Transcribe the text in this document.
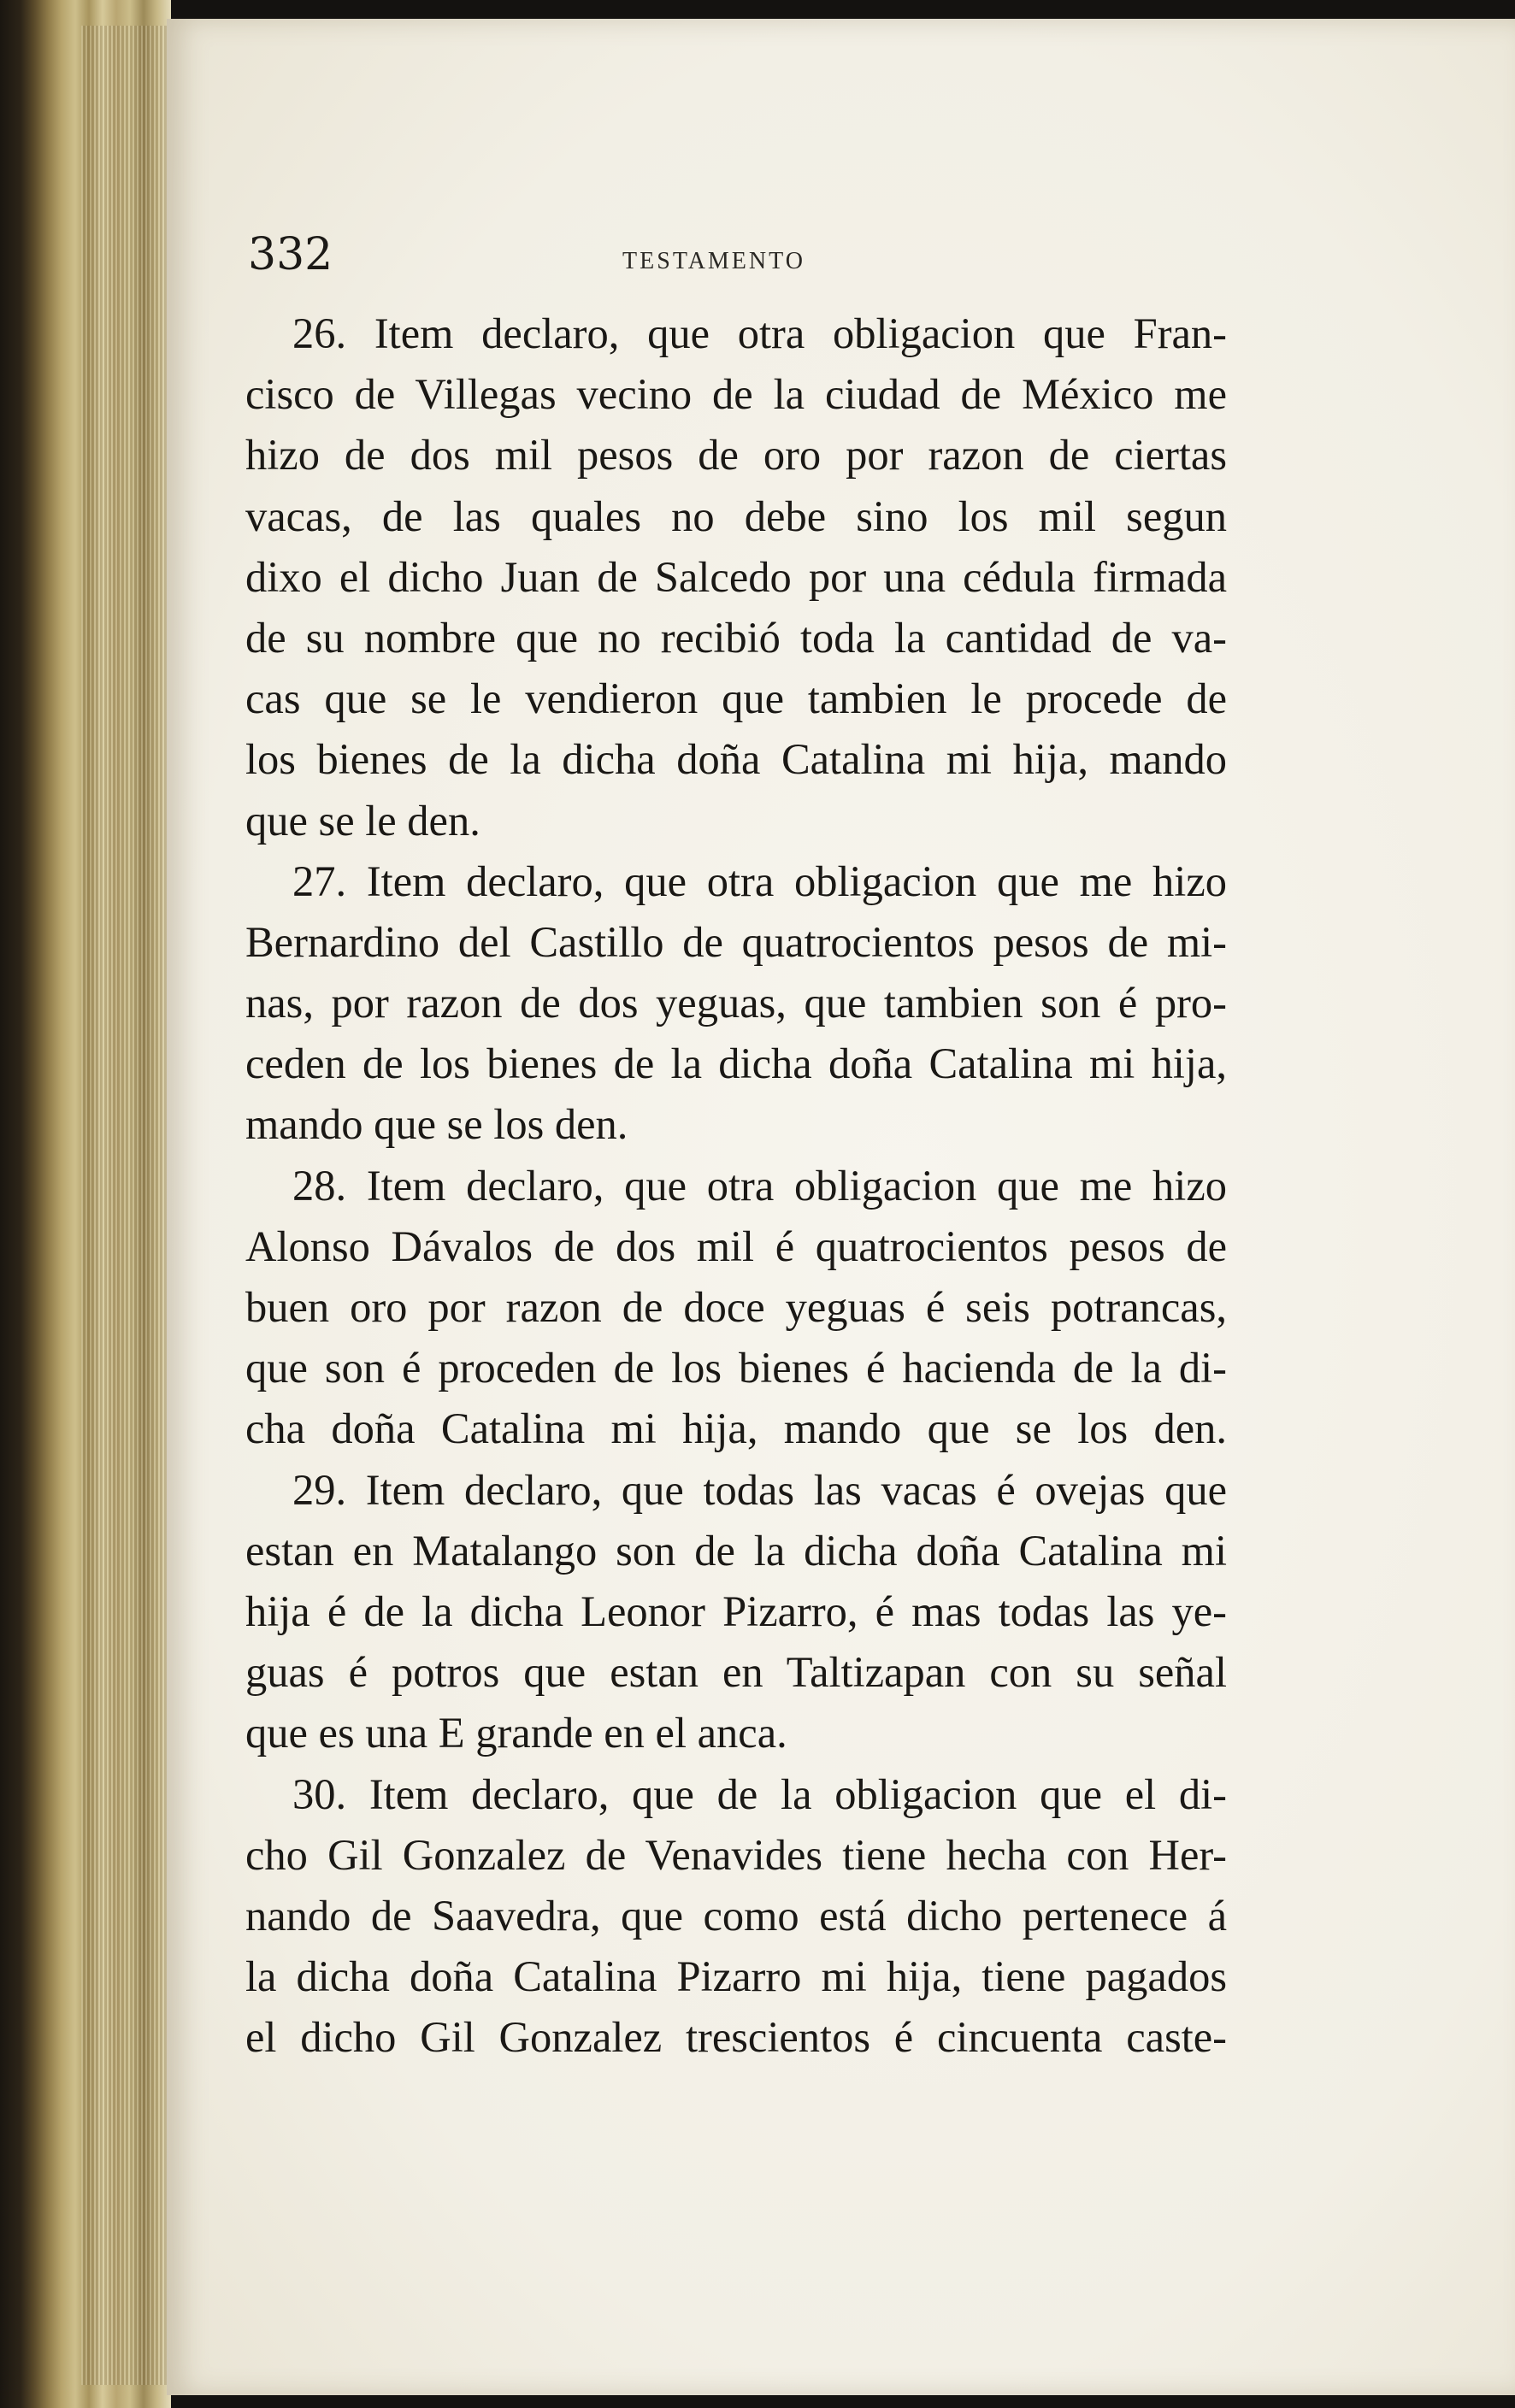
332	TESTAMENTO
26. Item declaro, que otra obligacion que Fran-
cisco de Villegas vecino de la ciudad de México me
hizo de dos mil pesos de oro por razon de ciertas
vacas, de las quales no debe sino los mil segun
dixo el dicho Juan de Salcedo por una cédula firmada
de su nombre que no recibió toda la cantidad de va-
cas que se le vendieron que tambien le procede de
los bienes de la dicha doña Catalina mi hija, mando
que se le den.
27. Item declaro, que otra obligacion que me hizo
Bernardino del Castillo de quatrocientos pesos de mi-
nas, por razon de dos yeguas, que tambien son é pro-
ceden de los bienes de la dicha doña Catalina mi hija,
mando que se los den.
28. Item declaro, que otra obligacion que me hizo
Alonso Dávalos de dos mil é quatrocientos pesos de
buen oro por razon de doce yeguas é seis potrancas,
que son é proceden de los bienes é hacienda de la di-
cha doña Catalina mi hija, mando que se los den.
29. Item declaro, que todas las vacas é ovejas que
estan en Matalango son de la dicha doña Catalina mi
hija é de la dicha Leonor Pizarro, é mas todas las ye-
guas é potros que estan en Taltizapan con su señal
que es una E grande en el anca.
30. Item declaro, que de la obligacion que el di-
cho Gil Gonzalez de Venavides tiene hecha con Her-
nando de Saavedra, que como está dicho pertenece á
la dicha doña Catalina Pizarro mi hija, tiene pagados
el dicho Gil Gonzalez trescientos é cincuenta caste-
